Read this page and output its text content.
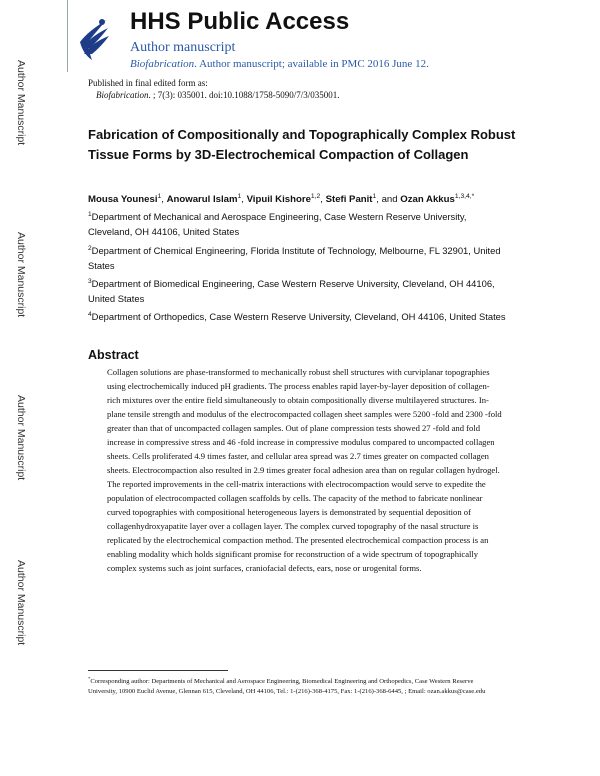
Author Manuscript
Author Manuscript
Author Manuscript
Author Manuscript
HHS Public Access
Author manuscript
Biofabrication. Author manuscript; available in PMC 2016 June 12.
Published in final edited form as:
Biofabrication. ; 7(3): 035001. doi:10.1088/1758-5090/7/3/035001.
Fabrication of Compositionally and Topographically Complex Robust Tissue Forms by 3D-Electrochemical Compaction of Collagen
Mousa Younesi$^1$, Anowarul Islam$^1$, Vipuil Kishore$^{1,2}$, Stefi Panit$^1$, and Ozan Akkus$^{1,3,4,*}$
$^1$Department of Mechanical and Aerospace Engineering, Case Western Reserve University, Cleveland, OH 44106, United States
$^2$Department of Chemical Engineering, Florida Institute of Technology, Melbourne, FL 32901, United States
$^3$Department of Biomedical Engineering, Case Western Reserve University, Cleveland, OH 44106, United States
$^4$Department of Orthopedics, Case Western Reserve University, Cleveland, OH 44106, United States
Abstract
Collagen solutions are phase-transformed to mechanically robust shell structures with curviplanar topographies using electrochemically induced pH gradients. The process enables rapid layer-by-layer deposition of collagen-rich mixtures over the entire field simultaneously to obtain compositionally diverse multilayered structures. In-plane tensile strength and modulus of the electrocompacted collagen sheet samples were 5200 -fold and 2300 -fold greater than that of uncompacted collagen samples. Out of plane compression tests showed 27 -fold and fold increase in compressive stress and 46 -fold increase in compressive modulus compared to uncompacted collagen sheets. Cells proliferated 4.9 times faster, and cellular area spread was 2.7 times greater on compacted collagen sheets. Electrocompaction also resulted in 2.9 times greater focal adhesion area than on regular collagen hydrogel. The reported improvements in the cell-matrix interactions with electrocompaction would serve to expedite the population of electrocompacted collagen scaffolds by cells. The capacity of the method to fabricate nonlinear curved topographies with compositional heterogeneous layers is demonstrated by sequential deposition of collagenhydroxyapatite layer over a collagen layer. The complex curved topography of the nasal structure is replicated by the electrochemical compaction method. The presented electrochemical compaction process is an enabling modality which holds significant promise for reconstruction of a wide spectrum of topographically complex systems such as joint surfaces, craniofacial defects, ears, nose or urogenital forms.
*Corresponding author: Departments of Mechanical and Aerospace Engineering, Biomedical Engineering and Orthopedics, Case Western Reserve University, 10900 Euclid Avenue, Glennan 615, Cleveland, OH 44106, Tel.: 1-(216)-368-4175, Fax: 1-(216)-368-6445, ; Email: ozan.akkus@case.edu
